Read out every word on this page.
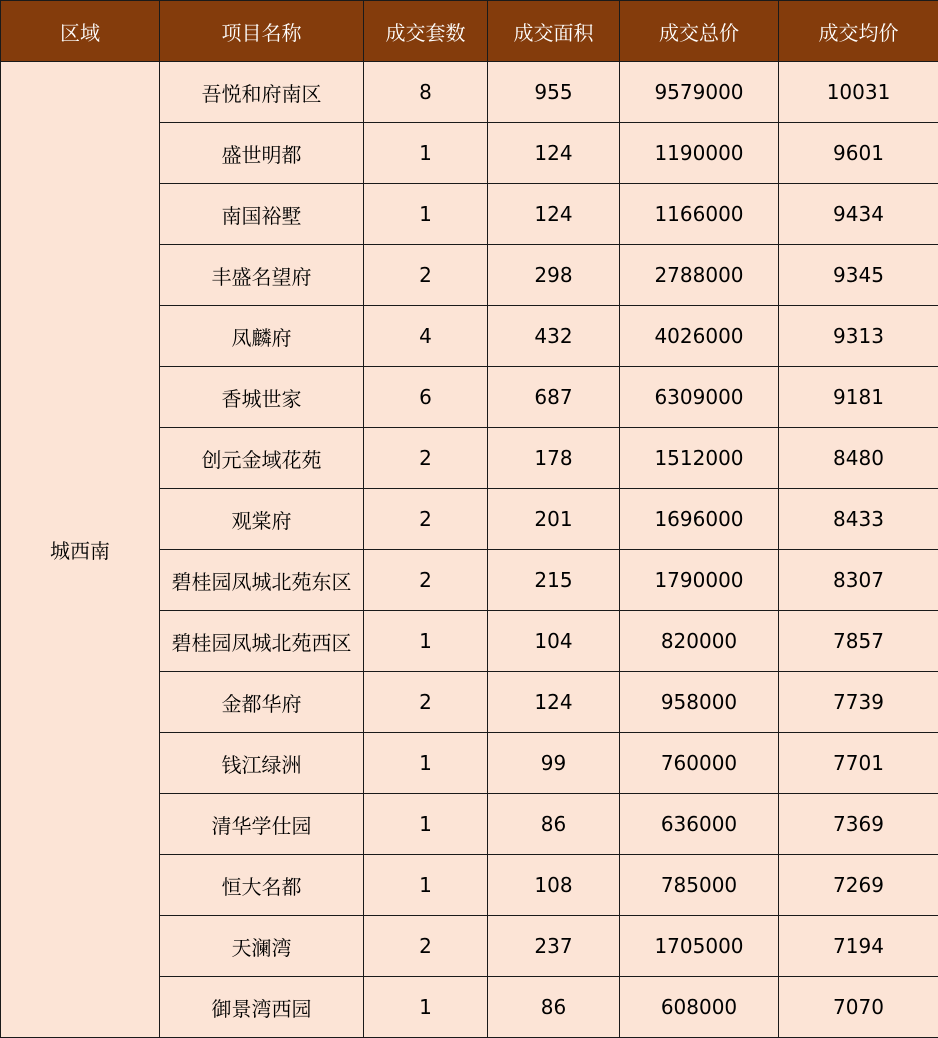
区域	项目名称	成交套数	成交面积	成交总价	成交均价
城西南	吾悦和府南区	8	955	9579000	10031
	盛世明都	1	124	1190000	9601
	南国裕墅	1	124	1166000	9434
	丰盛名望府	2	298	2788000	9345
	凤麟府	4	432	4026000	9313
	香城世家	6	687	6309000	9181
	创元金域花苑	2	178	1512000	8480
	观棠府	2	201	1696000	8433
	碧桂园凤城北苑东区	2	215	1790000	8307
	碧桂园凤城北苑西区	1	104	820000	7857
	金都华府	2	124	958000	7739
	钱江绿洲	1	99	760000	7701
	清华学仕园	1	86	636000	7369
	恒大名都	1	108	785000	7269
	天澜湾	2	237	1705000	7194
	御景湾西园	1	86	608000	7070
